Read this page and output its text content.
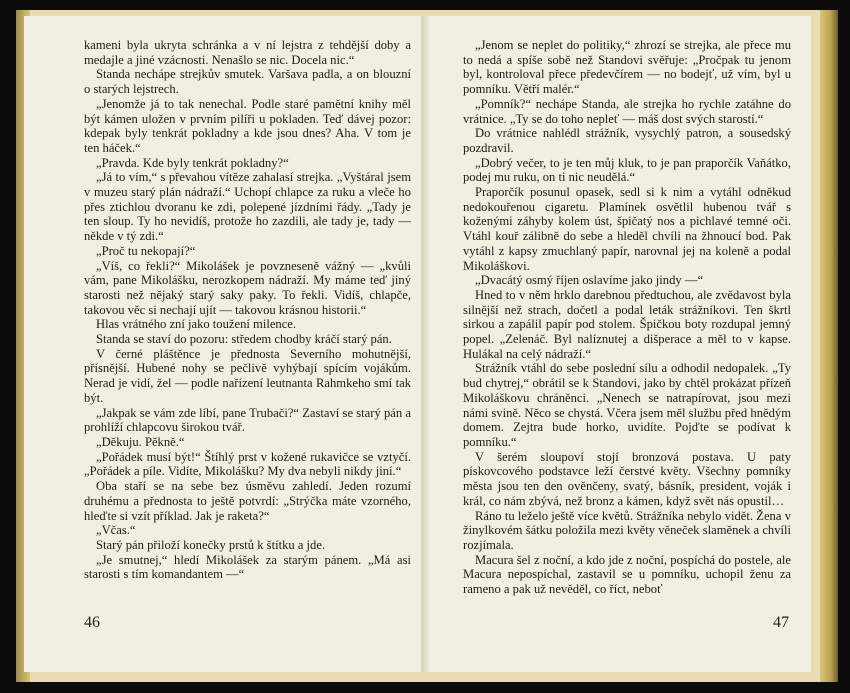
kameni byla ukryta schránka a v ní lejstra z tehdější doby a medajle a jiné vzácnosti. Nenašlo se nic. Docela nic.“

Standa nechápe strejkův smutek. Varšava padla, a on blouzní o starých lejstrech.

„Jenomže já to tak nenechal. Podle staré pamětní knihy měl být kámen uložen v prvním pilíři u pokladen. Teď dávej pozor: kdepak byly tenkrát pokladny a kde jsou dnes? Aha. V tom je ten háček.“

„Pravda. Kde byly tenkrát pokladny?“

„Já to vím,“ s převahou vítěze zahalasí strejka. „Vyštáral jsem v muzeu starý plán nádraží.“ Uchopí chlapce za ruku a vleče ho přes ztichlou dvoranu ke zdi, polepené jízdními řády. „Tady je ten sloup. Ty ho nevidíš, protože ho zazdili, ale tady je, tady — někde v tý zdi.“

„Proč tu nekopají?“

„Víš, co řekli?“ Mikolášek je povzneseně vážný — „kvůli vám, pane Mikolášku, nerozkopem nádraží. My máme teď jiný starosti než nějaký starý saky paky. To řekli. Vidíš, chlapče, takovou věc si nechají ujít — takovou krásnou historii.“

Hlas vrátného zní jako toužení milence.

Standa se staví do pozoru: středem chodby kráčí starý pán.

V černé pláštěnce je přednosta Severního mohutnější, přísnější. Hubené nohy se pečlivě vyhýbají spícím vojákům. Nerad je vidí, žel — podle nařízení leutnanta Rahmkeho smí tak být.

„Jakpak se vám zde líbí, pane Trubači?“ Zastaví se starý pán a prohlíží chlapcovu širokou tvář.

„Děkuju. Pěkně.“

„Pořádek musí být!“ Štíhlý prst v kožené rukavičce se vztyčí. „Pořádek a píle. Vidíte, Mikolášku? My dva nebyli nikdy jiní.“

Oba staří se na sebe bez úsměvu zahledí. Jeden rozumí druhému a přednosta to ještě potvrdí: „Strýčka máte vzorného, hleďte si vzít příklad. Jak je raketa?“

„Včas.“

Starý pán přiloží konečky prstů k štítku a jde.

„Je smutnej,“ hledí Mikolášek za starým pánem. „Má asi starosti s tím komandantem —“

46

„Jenom se neplet do politiky,“ zhrozí se strejka, ale přece mu to nedá a spíše sobě než Standovi svěřuje: „Pročpak tu jenom byl, kontroloval přece předevčírem — no bodejť, už vím, byl u pomníku. Větří malér.“

„Pomník?“ nechápe Standa, ale strejka ho rychle zatáhne do vrátnice. „Ty se do toho nepleť — máš dost svých starostí.“

Do vrátnice nahlédl strážník, vysychlý patron, a sousedský pozdravil.

„Dobrý večer, to je ten můj kluk, to je pan praporčík Vaňátko, podej mu ruku, on ti nic neudělá.“

Praporčík posunul opasek, sedl si k nim a vytáhl odněkud nedokouřenou cigaretu. Plamínek osvětlil hubenou tvář s koženými záhyby kolem úst, špičatý nos a pichlavé temné oči. Vtáhl kouř zálibně do sebe a hleděl chvíli na žhnoucí bod. Pak vytáhl z kapsy zmuchlaný papír, narovnal jej na koleně a podal Mikoláškovi.

„Dvacátý osmý říjen oslavíme jako jindy —“

Hned to v něm hrklo darebnou předtuchou, ale zvědavost byla silnější než strach, dočetl a podal leták strážníkovi. Ten škrtl sirkou a zapálil papír pod stolem. Špičkou boty rozdupal jemný popel. „Zelenáč. Byl nalíznutej a dišperace a měl to v kapse. Hulákal na celý nádraží.“

Strážník vtáhl do sebe poslední sílu a odhodil nedopalek. „Ty bud chytrej,“ obrátil se k Standovi, jako by chtěl prokázat přízeň Mikoláškovu chráněnci. „Nenech se natrapírovat, jsou mezi námi svině. Něco se chystá. Včera jsem měl službu před hnědým domem. Zejtra bude horko, uvidíte. Pojďte se podívat k pomníku.“

V šerém sloupoví stojí bronzová postava. U paty pískovcového podstavce leží čerstvé květy. Všechny pomníky města jsou ten den ověnčeny, svatý, básník, president, voják i král, co nám zbývá, než bronz a kámen, když svět nás opustil…

Ráno tu leželo ještě více květů. Strážníka nebylo vidět. Žena v žinylkovém šátku položila mezi květy věneček slaměnek a chvíli rozjímala.

Macura šel z noční, a kdo jde z noční, pospíchá do postele, ale Macura nepospíchal, zastavil se u pomníku, uchopil ženu za rameno a pak už nevěděl, co říct, neboť

47
